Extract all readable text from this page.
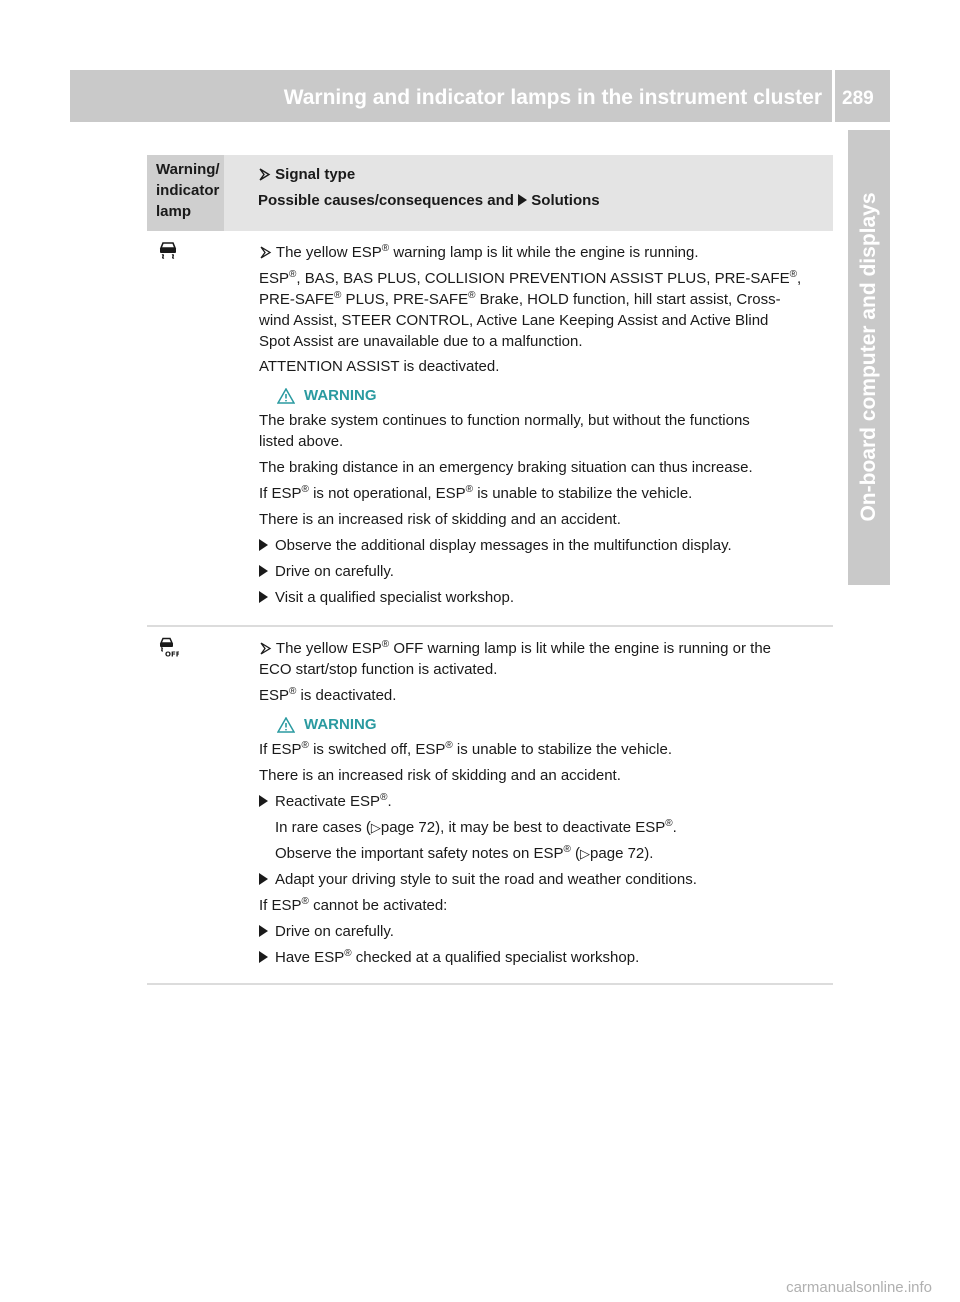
Warning and indicator lamps in the instrument cluster 289
On-board computer and displays
Warning/
indicator
lamp
Signal type
Possible causes/consequences and Solutions
The yellow ESP® warning lamp is lit while the engine is running.
ESP®, BAS, BAS PLUS, COLLISION PREVENTION ASSIST PLUS, PRE-SAFE®,
PRE-SAFE® PLUS, PRE-SAFE® Brake, HOLD function, hill start assist, Cross-
wind Assist, STEER CONTROL, Active Lane Keeping Assist and Active Blind
Spot Assist are unavailable due to a malfunction.
ATTENTION ASSIST is deactivated.
WARNING
The brake system continues to function normally, but without the functions
listed above.
The braking distance in an emergency braking situation can thus increase.
If ESP® is not operational, ESP® is unable to stabilize the vehicle.
There is an increased risk of skidding and an accident.
Observe the additional display messages in the multifunction display.
Drive on carefully.
Visit a qualified specialist workshop.
OFF	The yellow ESP® OFF warning lamp is lit while the engine is running or the
ECO start/stop function is activated.
ESP® is deactivated.
WARNING
If ESP® is switched off, ESP® is unable to stabilize the vehicle.
There is an increased risk of skidding and an accident.
Reactivate ESP®.
In rare cases (▷page 72), it may be best to deactivate ESP®.
Observe the important safety notes on ESP® (▷page 72).
Adapt your driving style to suit the road and weather conditions.
If ESP® cannot be activated:
Drive on carefully.
Have ESP® checked at a qualified specialist workshop.
carmanualsonline.info
